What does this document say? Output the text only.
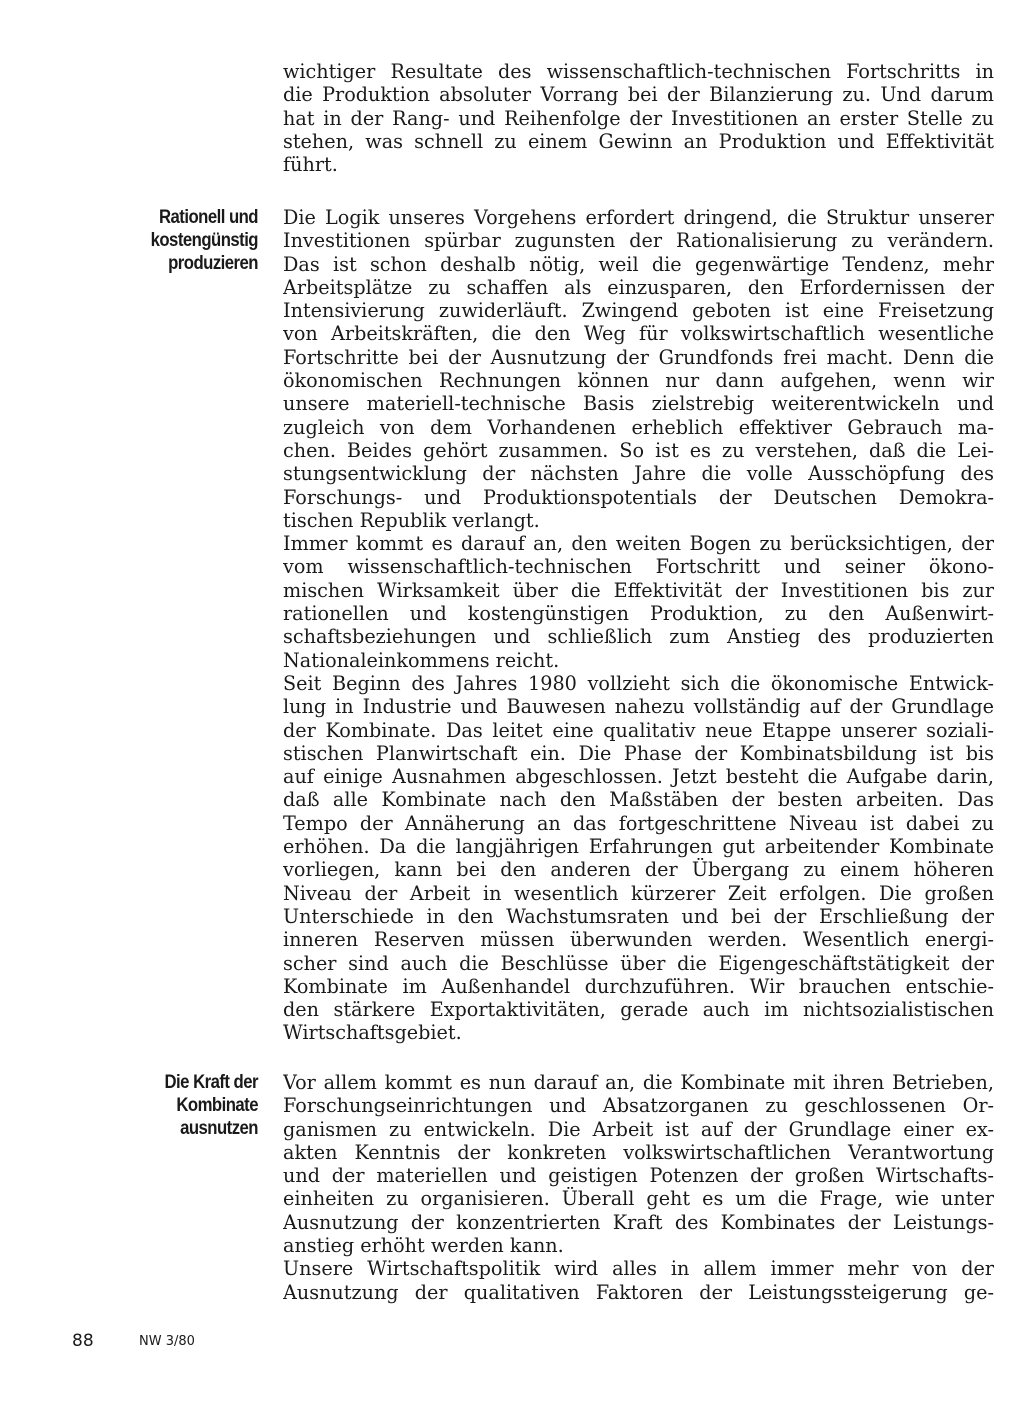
Rationell und
kostengünstig
produzieren
Die Kraft der
Kombinate
ausnutzen
wichtiger Resultate des wissenschaftlich-technischen Fortschritts in
die Produktion absoluter Vorrang bei der Bilanzierung zu. Und darum
hat in der Rang- und Reihenfolge der Investitionen an erster Stelle zu
stehen, was schnell zu einem Gewinn an Produktion und Effektivität
führt.
Die Logik unseres Vorgehens erfordert dringend, die Struktur unserer
Investitionen spürbar zugunsten der Rationalisierung zu verändern.
Das ist schon deshalb nötig, weil die gegenwärtige Tendenz, mehr
Arbeitsplätze zu schaffen als einzusparen, den Erfordernissen der
Intensivierung zuwiderläuft. Zwingend geboten ist eine Freisetzung
von Arbeitskräften, die den Weg für volkswirtschaftlich wesentliche
Fortschritte bei der Ausnutzung der Grundfonds frei macht. Denn die
ökonomischen Rechnungen können nur dann aufgehen, wenn wir
unsere materiell-technische Basis zielstrebig weiterentwickeln und
zugleich von dem Vorhandenen erheblich effektiver Gebrauch ma-
chen. Beides gehört zusammen. So ist es zu verstehen, daß die Lei-
stungsentwicklung der nächsten Jahre die volle Ausschöpfung des
Forschungs- und Produktionspotentials der Deutschen Demokra-
tischen Republik verlangt.
Immer kommt es darauf an, den weiten Bogen zu berücksichtigen, der
vom wissenschaftlich-technischen Fortschritt und seiner ökono-
mischen Wirksamkeit über die Effektivität der Investitionen bis zur
rationellen und kostengünstigen Produktion, zu den Außenwirt-
schaftsbeziehungen und schließlich zum Anstieg des produzierten
Nationaleinkommens reicht.
Seit Beginn des Jahres 1980 vollzieht sich die ökonomische Entwick-
lung in Industrie und Bauwesen nahezu vollständig auf der Grundlage
der Kombinate. Das leitet eine qualitativ neue Etappe unserer soziali-
stischen Planwirtschaft ein. Die Phase der Kombinatsbildung ist bis
auf einige Ausnahmen abgeschlossen. Jetzt besteht die Aufgabe darin,
daß alle Kombinate nach den Maßstäben der besten arbeiten. Das
Tempo der Annäherung an das fortgeschrittene Niveau ist dabei zu
erhöhen. Da die langjährigen Erfahrungen gut arbeitender Kombinate
vorliegen, kann bei den anderen der Übergang zu einem höheren
Niveau der Arbeit in wesentlich kürzerer Zeit erfolgen. Die großen
Unterschiede in den Wachstumsraten und bei der Erschließung der
inneren Reserven müssen überwunden werden. Wesentlich energi-
scher sind auch die Beschlüsse über die Eigengeschäftstätigkeit der
Kombinate im Außenhandel durchzuführen. Wir brauchen entschie-
den stärkere Exportaktivitäten, gerade auch im nichtsozialistischen
Wirtschaftsgebiet.
Vor allem kommt es nun darauf an, die Kombinate mit ihren Betrieben,
Forschungseinrichtungen und Absatzorganen zu geschlossenen Or-
ganismen zu entwickeln. Die Arbeit ist auf der Grundlage einer ex-
akten Kenntnis der konkreten volkswirtschaftlichen Verantwortung
und der materiellen und geistigen Potenzen der großen Wirtschafts-
einheiten zu organisieren. Überall geht es um die Frage, wie unter
Ausnutzung der konzentrierten Kraft des Kombinates der Leistungs-
anstieg erhöht werden kann.
Unsere Wirtschaftspolitik wird alles in allem immer mehr von der
Ausnutzung der qualitativen Faktoren der Leistungssteigerung ge-
88	NW 3/80
